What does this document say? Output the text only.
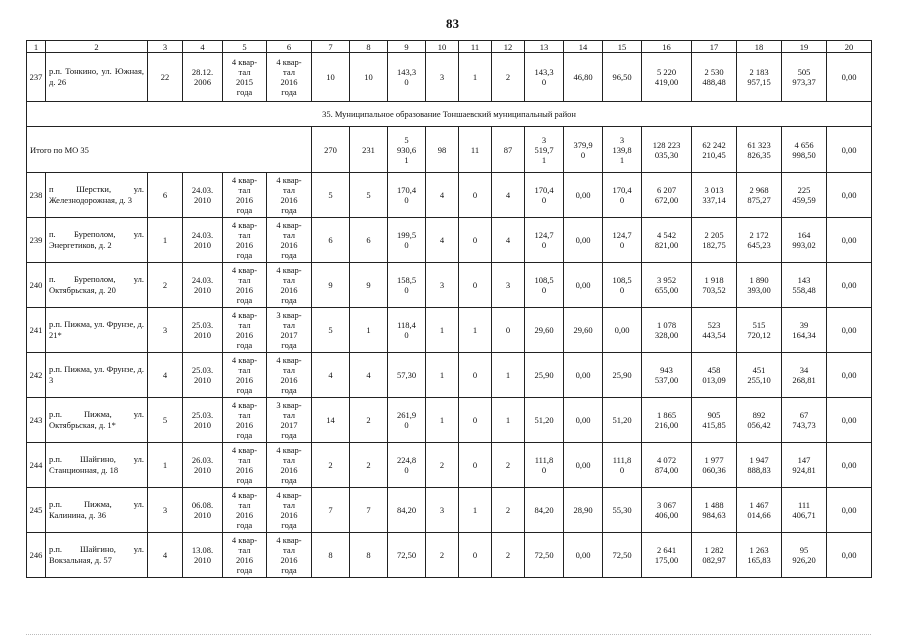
83
1	2	3	4	5	6	7	8	9	10	11	12	13	14	15	16	17	18	19	20

237	р.п. Тонкино, ул. Южная, д. 26	22	28.12.
2006	4 квар-
тал
2015
года	4 квар-
тал
2016
года	10	10	143,3
0	3	1	2	143,3
0	46,80	96,50	5 220
419,00	2 530
488,48	2 183
957,15	505
973,37	0,00

35. Муниципальное образование Тоншаевский муниципальный район																			

Итого по МО 35						270	231	5
930,6
1	98	11	87	3
519,7
1	379,9
0	3
139,8
1	128 223
035,30	62 242
210,45	61 323
826,35	4 656
998,50	0,00

238	п Шерстки, ул. Железнодорожная, д. 3	6	24.03.
2010	4 квар-
тал
2016
года	4 квар-
тал
2016
года	5	5	170,4
0	4	0	4	170,4
0	0,00	170,4
0	6 207
672,00	3 013
337,14	2 968
875,27	225
459,59	0,00

239	п. Буреполом, ул. Энергетиков, д. 2	1	24.03.
2010	4 квар-
тал
2016
года	4 квар-
тал
2016
года	6	6	199,5
0	4	0	4	124,7
0	0,00	124,7
0	4 542
821,00	2 205
182,75	2 172
645,23	164
993,02	0,00

240	п. Буреполом, ул. Октябрьская, д. 20	2	24.03.
2010	4 квар-
тал
2016
года	4 квар-
тал
2016
года	9	9	158,5
0	3	0	3	108,5
0	0,00	108,5
0	3 952
655,00	1 918
703,52	1 890
393,00	143
558,48	0,00

241	р.п. Пижма, ул. Фрунзе, д. 21*	3	25.03.
2010	4 квар-
тал
2016
года	3 квар-
тал
2017
года	5	1	118,4
0	1	1	0	29,60	29,60	0,00	1 078
328,00	523
443,54	515
720,12	39
164,34	0,00

242	р.п. Пижма, ул. Фрунзе, д. 3	4	25.03.
2010	4 квар-
тал
2016
года	4 квар-
тал
2016
года	4	4	57,30	1	0	1	25,90	0,00	25,90	943
537,00	458
013,09	451
255,10	34
268,81	0,00

243	р.п. Пижма, ул. Октябрьская, д. 1*	5	25.03.
2010	4 квар-
тал
2016
года	3 квар-
тал
2017
года	14	2	261,9
0	1	0	1	51,20	0,00	51,20	1 865
216,00	905
415,85	892
056,42	67
743,73	0,00

244	р.п. Шайгино, ул. Станционная, д. 18	1	26.03.
2010	4 квар-
тал
2016
года	4 квар-
тал
2016
года	2	2	224,8
0	2	0	2	111,8
0	0,00	111,8
0	4 072
874,00	1 977
060,36	1 947
888,83	147
924,81	0,00

245	р.п. Пижма, ул. Калинина, д. 36	3	06.08.
2010	4 квар-
тал
2016
года	4 квар-
тал
2016
года	7	7	84,20	3	1	2	84,20	28,90	55,30	3 067
406,00	1 488
984,63	1 467
014,66	111
406,71	0,00

246	р.п. Шайгино, ул. Вокзальная, д. 57	4	13.08.
2010	4 квар-
тал
2016
года	4 квар-
тал
2016
года	8	8	72,50	2	0	2	72,50	0,00	72,50	2 641
175,00	1 282
082,97	1 263
165,83	95
926,20	0,00
